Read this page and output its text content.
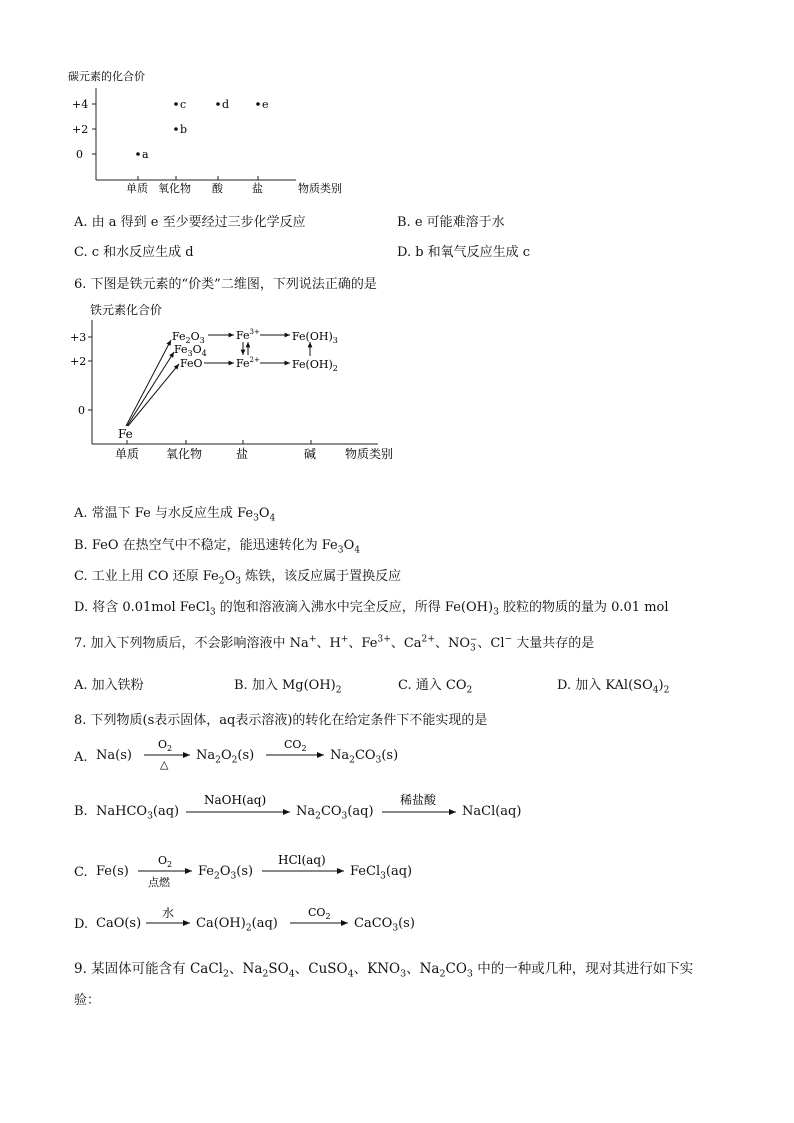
碳元素的化合价
+4
+2
0
单质 氧化物 酸	盐
a
b
c	d	e
物质类别
A. 由 a 得到 e 至少要经过三步化学反应	B. e 可能难溶于水
C. c 和水反应生成 d	D. b 和氧气反应生成 c
6. 下图是铁元素的“价类”二维图，下列说法正确的是
铁元素化合价
+3
+2
0
单质 氧化物	盐	碱 物质类别
Fe
$Fe_2O_3$
$Fe_3O_4$
FeO
$Fe^{3+}$
$Fe^{2+}$
$Fe(OH)_3$
$Fe(OH)_2$
A. 常温下 Fe 与水反应生成 $Fe_3O_4$
B. FeO 在热空气中不稳定，能迅速转化为 $Fe_3O_4$
C. 工业上用 CO 还原 $Fe_2O_3$ 炼铁，该反应属于置换反应
D. 将含 0.01mol FeCl$_3$ 的饱和溶液滴入沸水中完全反应，所得 $Fe(OH)_3$ 胶粒的物质的量为 0.01 mol
7. 加入下列物质后，不会影响溶液中 Na+、H+、$Fe^{3+}$、$Ca^{2+}$、$NO_3^-$、Cl− 大量共存的是
A. 加入铁粉	B. 加入 $Mg(OH)_2$	C. 通入 $CO_2$	D. 加入 $KAl(SO_4)_2$
8. 下列物质(s表示固体，aq表示溶液)的转化在给定条件下不能实现的是
A. Na(s)
$O_2$
△
$Na_2O_2(s)$
$CO_2$ $Na_2CO_3(s)$
B. NaHCO$_3$(aq)
NaOH(aq)
$Na_2CO_3(aq)$
稀盐酸
NaCl(aq)
C. Fe(s)
$O_2$
点燃
$Fe_2O_3(s)$
HCl(aq)
FeCl$_3$(aq)
D. CaO(s)
水
$Ca(OH)_2(aq)$
$CO_2$ CaCO$_3$(s)
9. 某固体可能含有 CaCl$_2$、$Na_2SO_4$、CuSO$_4$、$KNO_3$、$Na_2CO_3$ 中的一种或几种，现对其进行如下实
验：
